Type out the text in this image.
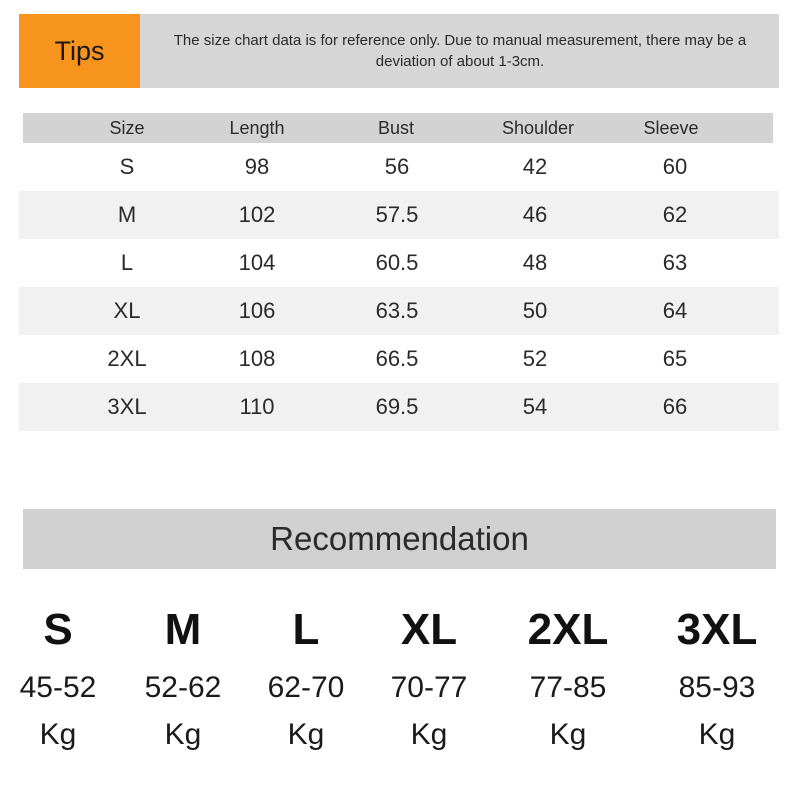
Tips	The size chart data is for reference only. Due to manual measurement, there may be a deviation of about 1-3cm.
Size	Length	Bust	Shoulder	Sleeve
S	98	56	42	60
M	102	57.5	46	62
L	104	60.5	48	63
XL	106	63.5	50	64
2XL	108	66.5	52	65
3XL	110	69.5	54	66
Recommendation
S
45-52
Kg
M
52-62
Kg
L
62-70
Kg
XL
70-77
Kg
2XL
77-85
Kg
3XL
85-93
Kg
